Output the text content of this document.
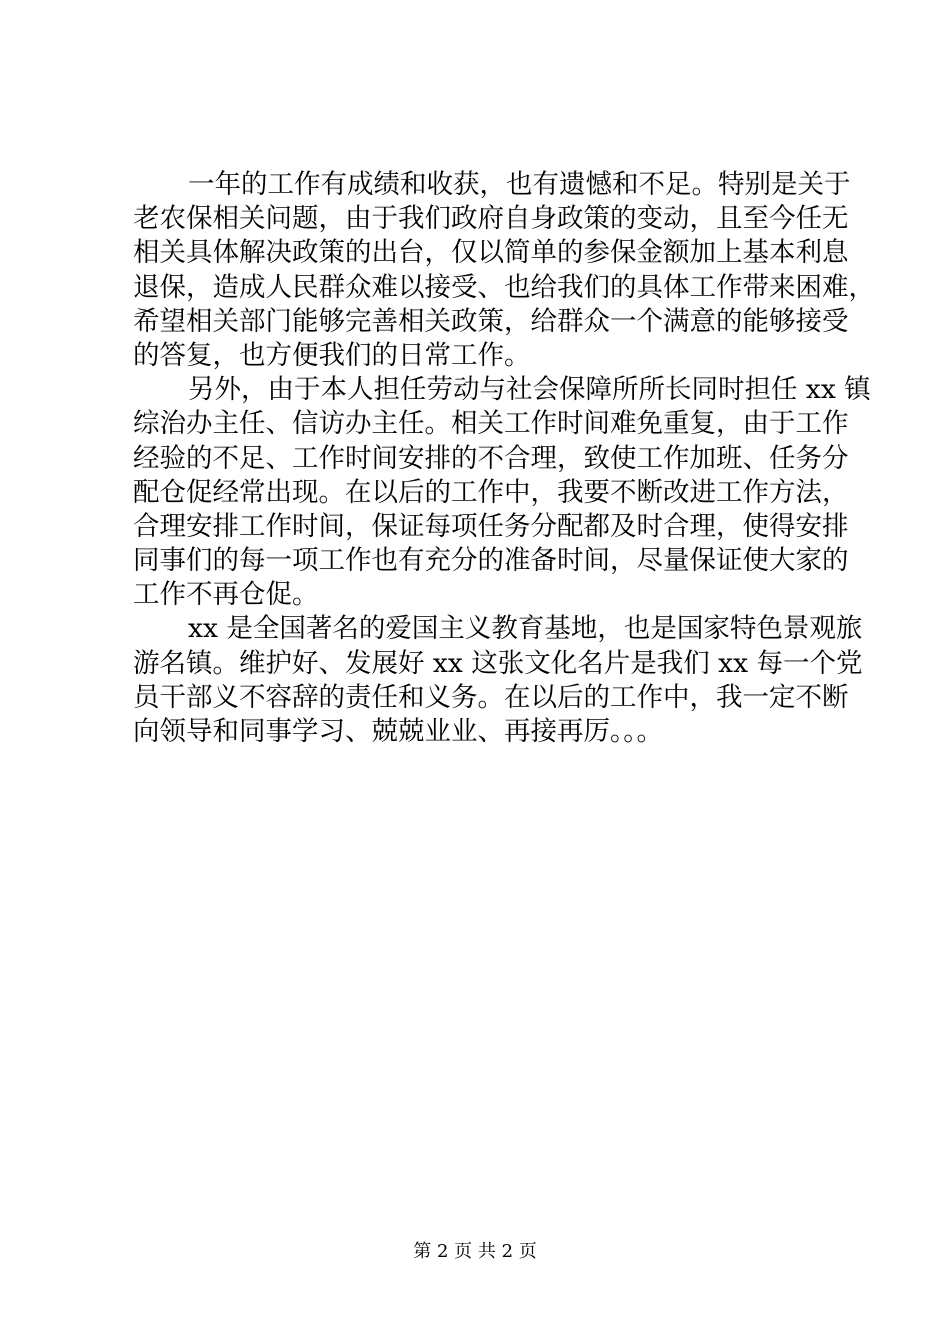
一年的工作有成绩和收获，也有遗憾和不足。特别是关于
老农保相关问题，由于我们政府自身政策的变动，且至今任无
相关具体解决政策的出台，仅以简单的参保金额加上基本利息
退保，造成人民群众难以接受、也给我们的具体工作带来困难，
希望相关部门能够完善相关政策，给群众一个满意的能够接受
的答复，也方便我们的日常工作。
另外，由于本人担任劳动与社会保障所所长同时担任 xx 镇
综治办主任、信访办主任。相关工作时间难免重复，由于工作
经验的不足、工作时间安排的不合理，致使工作加班、任务分
配仓促经常出现。在以后的工作中，我要不断改进工作方法，
合理安排工作时间，保证每项任务分配都及时合理，使得安排
同事们的每一项工作也有充分的准备时间，尽量保证使大家的
工作不再仓促。
xx 是全国著名的爱国主义教育基地，也是国家特色景观旅
游名镇。维护好、发展好 xx 这张文化名片是我们 xx 每一个党
员干部义不容辞的责任和义务。在以后的工作中，我一定不断
向领导和同事学习、兢兢业业、再接再厉。。。
第 2 页 共 2 页
